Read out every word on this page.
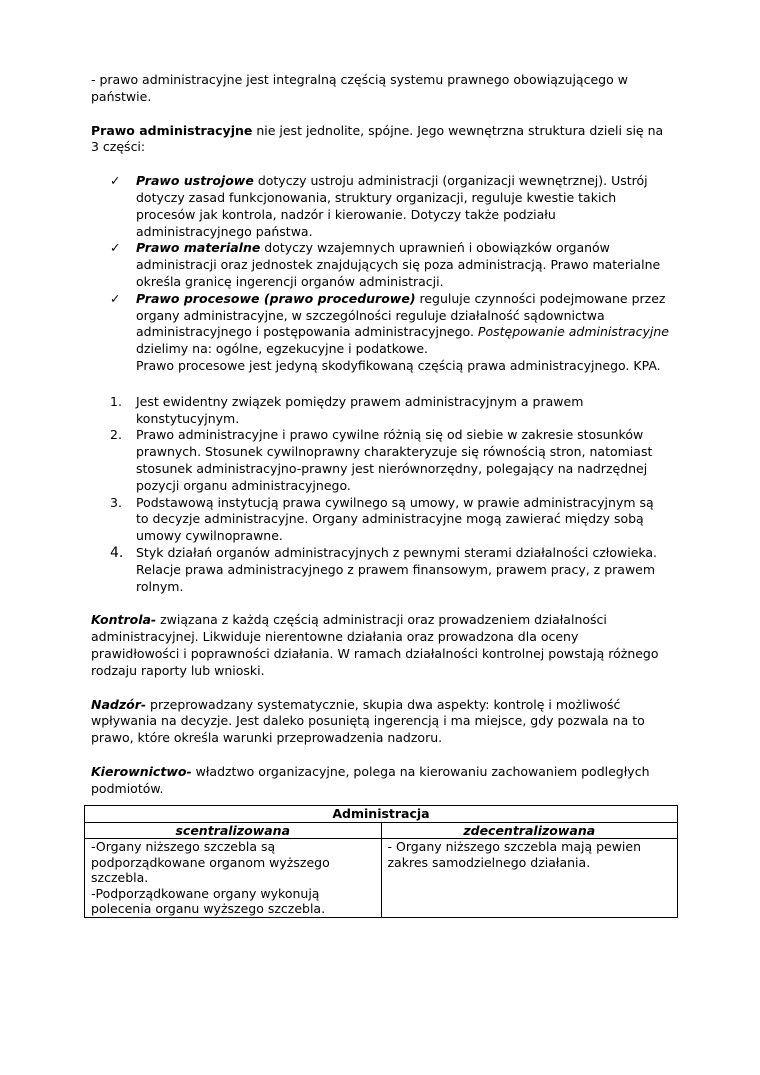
- prawo administracyjne jest integralną częścią systemu prawnego obowiązującego w państwie.

Prawo administracyjne nie jest jednolite, spójne. Jego wewnętrzna struktura dzieli się na 3 części:

✓ Prawo ustrojowe dotyczy ustroju administracji (organizacji wewnętrznej). Ustrój dotyczy zasad funkcjonowania, struktury organizacji, reguluje kwestie takich procesów jak kontrola, nadzór i kierowanie. Dotyczy także podziału administracyjnego państwa.
✓ Prawo materialne dotyczy wzajemnych uprawnień i obowiązków organów administracji oraz jednostek znajdujących się poza administracją. Prawo materialne określa granicę ingerencji organów administracji.
✓ Prawo procesowe (prawo procedurowe) reguluje czynności podejmowane przez organy administracyjne, w szczególności reguluje działalność sądownictwa administracyjnego i postępowania administracyjnego. Postępowanie administracyjne dzielimy na: ogólne, egzekucyjne i podatkowe.
Prawo procesowe jest jedyną skodyfikowaną częścią prawa administracyjnego. KPA.
1. Jest ewidentny związek pomiędzy prawem administracyjnym a prawem konstytucyjnym.
2. Prawo administracyjne i prawo cywilne różnią się od siebie w zakresie stosunków prawnych. Stosunek cywilnoprawny charakteryzuje się równością stron, natomiast stosunek administracyjno-prawny jest nierównorzędny, polegający na nadrzędnej pozycji organu administracyjnego.
3. Podstawową instytucją prawa cywilnego są umowy, w prawie administracyjnym są to decyzje administracyjne. Organy administracyjne mogą zawierać między sobą umowy cywilnoprawne.
4. Styk działań organów administracyjnych z pewnymi sterami działalności człowieka. Relacje prawa administracyjnego z prawem finansowym, prawem pracy, z prawem rolnym.

Kontrola- związana z każdą częścią administracji oraz prowadzeniem działalności administracyjnej. Likwiduje nierentowne działania oraz prowadzona dla oceny prawidłowości i poprawności działania. W ramach działalności kontrolnej powstają różnego rodzaju raporty lub wnioski.

Nadzór- przeprowadzany systematycznie, skupia dwa aspekty: kontrolę i możliwość wpływania na decyzje. Jest daleko posuniętą ingerencją i ma miejsce, gdy pozwala na to prawo, które określa warunki przeprowadzenia nadzoru.

Kierownictwo- władztwo organizacyjne, polega na kierowaniu zachowaniem podległych podmiotów.

Administracja	
scentralizowana	zdecentralizowana
-Organy niższego szczebla są podporządkowane organom wyższego szczebla.
-Podporządkowane organy wykonują polecenia organu wyższego szczebla.	- Organy niższego szczebla mają pewien zakres samodzielnego działania.
